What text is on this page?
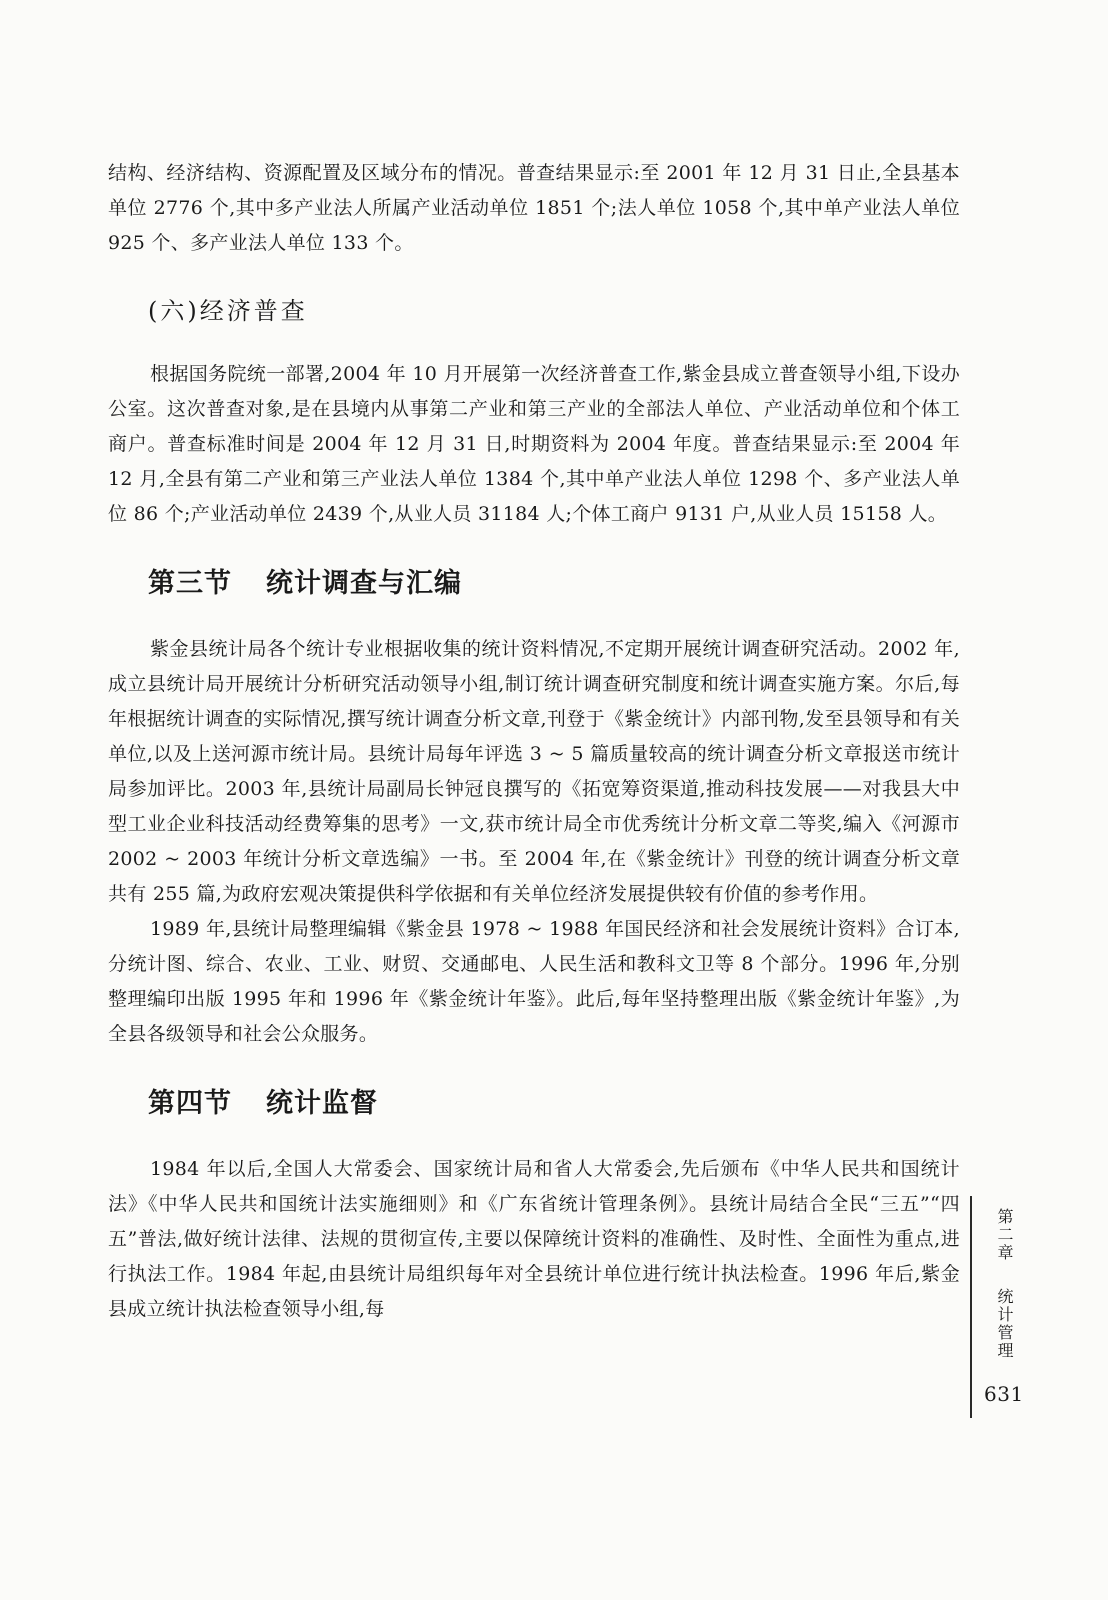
结构、经济结构、资源配置及区域分布的情况。普查结果显示:至 2001 年 12 月 31 日止,全县基本单位 2776 个,其中多产业法人所属产业活动单位 1851 个;法人单位 1058 个,其中单产业法人单位 925 个、多产业法人单位 133 个。

(六)经济普查

根据国务院统一部署,2004 年 10 月开展第一次经济普查工作,紫金县成立普查领导小组,下设办公室。这次普查对象,是在县境内从事第二产业和第三产业的全部法人单位、产业活动单位和个体工商户。普查标准时间是 2004 年 12 月 31 日,时期资料为 2004 年度。普查结果显示:至 2004 年 12 月,全县有第二产业和第三产业法人单位 1384 个,其中单产业法人单位 1298 个、多产业法人单位 86 个;产业活动单位 2439 个,从业人员 31184 人;个体工商户 9131 户,从业人员 15158 人。

第三节 统计调查与汇编

紫金县统计局各个统计专业根据收集的统计资料情况,不定期开展统计调查研究活动。2002 年,成立县统计局开展统计分析研究活动领导小组,制订统计调查研究制度和统计调查实施方案。尔后,每年根据统计调查的实际情况,撰写统计调查分析文章,刊登于《紫金统计》内部刊物,发至县领导和有关单位,以及上送河源市统计局。县统计局每年评选 3 ~ 5 篇质量较高的统计调查分析文章报送市统计局参加评比。2003 年,县统计局副局长钟冠良撰写的《拓宽筹资渠道,推动科技发展——对我县大中型工业企业科技活动经费筹集的思考》一文,获市统计局全市优秀统计分析文章二等奖,编入《河源市 2002 ~ 2003 年统计分析文章选编》一书。至 2004 年,在《紫金统计》刊登的统计调查分析文章共有 255 篇,为政府宏观决策提供科学依据和有关单位经济发展提供较有价值的参考作用。

1989 年,县统计局整理编辑《紫金县 1978 ~ 1988 年国民经济和社会发展统计资料》合订本,分统计图、综合、农业、工业、财贸、交通邮电、人民生活和教科文卫等 8 个部分。1996 年,分别整理编印出版 1995 年和 1996 年《紫金统计年鉴》。此后,每年坚持整理出版《紫金统计年鉴》,为全县各级领导和社会公众服务。

第四节 统计监督

1984 年以后,全国人大常委会、国家统计局和省人大常委会,先后颁布《中华人民共和国统计法》《中华人民共和国统计法实施细则》和《广东省统计管理条例》。县统计局结合全民“三五”“四五”普法,做好统计法律、法规的贯彻宣传,主要以保障统计资料的准确性、及时性、全面性为重点,进行执法工作。1984 年起,由县统计局组织每年对全县统计单位进行统计执法检查。1996 年后,紫金县成立统计执法检查领导小组,每

第二章
统计管理
631
